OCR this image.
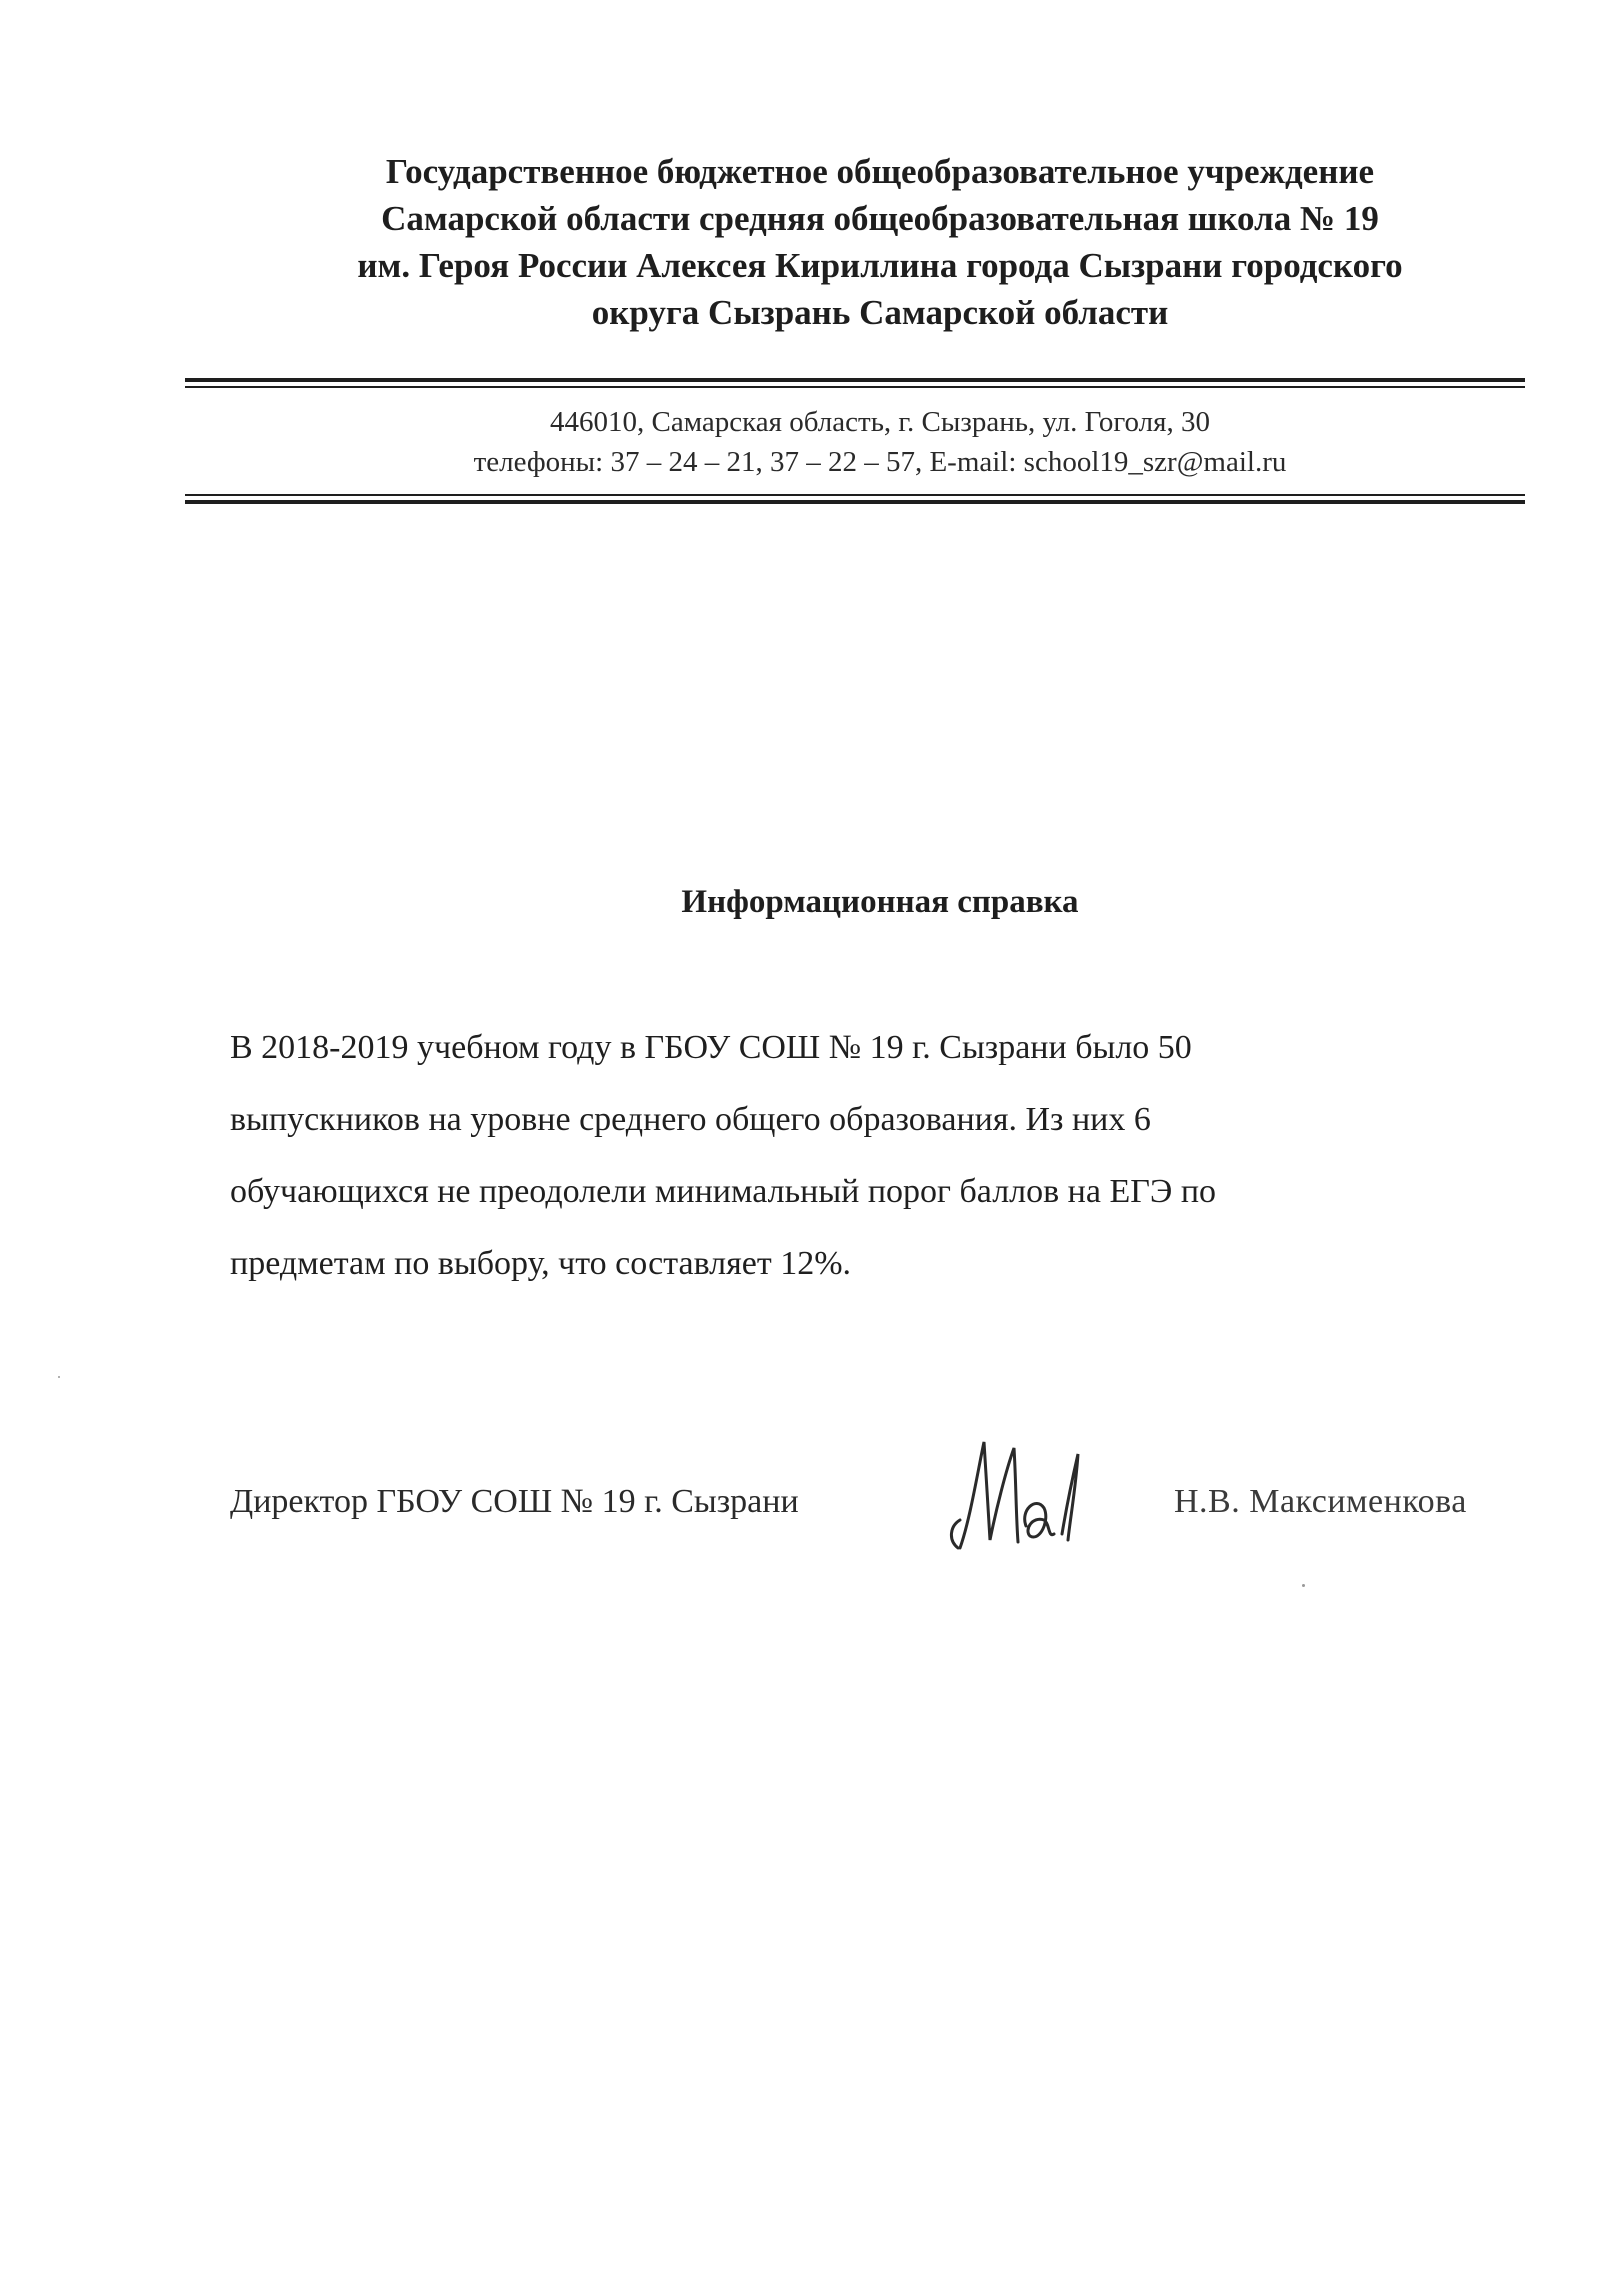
Государственное бюджетное общеобразовательное учреждение
Самарской области средняя общеобразовательная школа № 19
им. Героя России Алексея Кириллина города Сызрани городского
округа Сызрань Самарской области
446010, Самарская область, г. Сызрань, ул. Гоголя, 30
телефоны: 37 – 24 – 21, 37 – 22 – 57, E-mail: school19_szr@mail.ru
Информационная справка
В 2018-2019 учебном году в ГБОУ СОШ № 19 г. Сызрани было 50
выпускников на уровне среднего общего образования. Из них 6
обучающихся не преодолели минимальный порог баллов на ЕГЭ по
предметам по выбору, что составляет 12%.
Директор ГБОУ СОШ № 19 г. Сызрани	Н.В. Максименкова
